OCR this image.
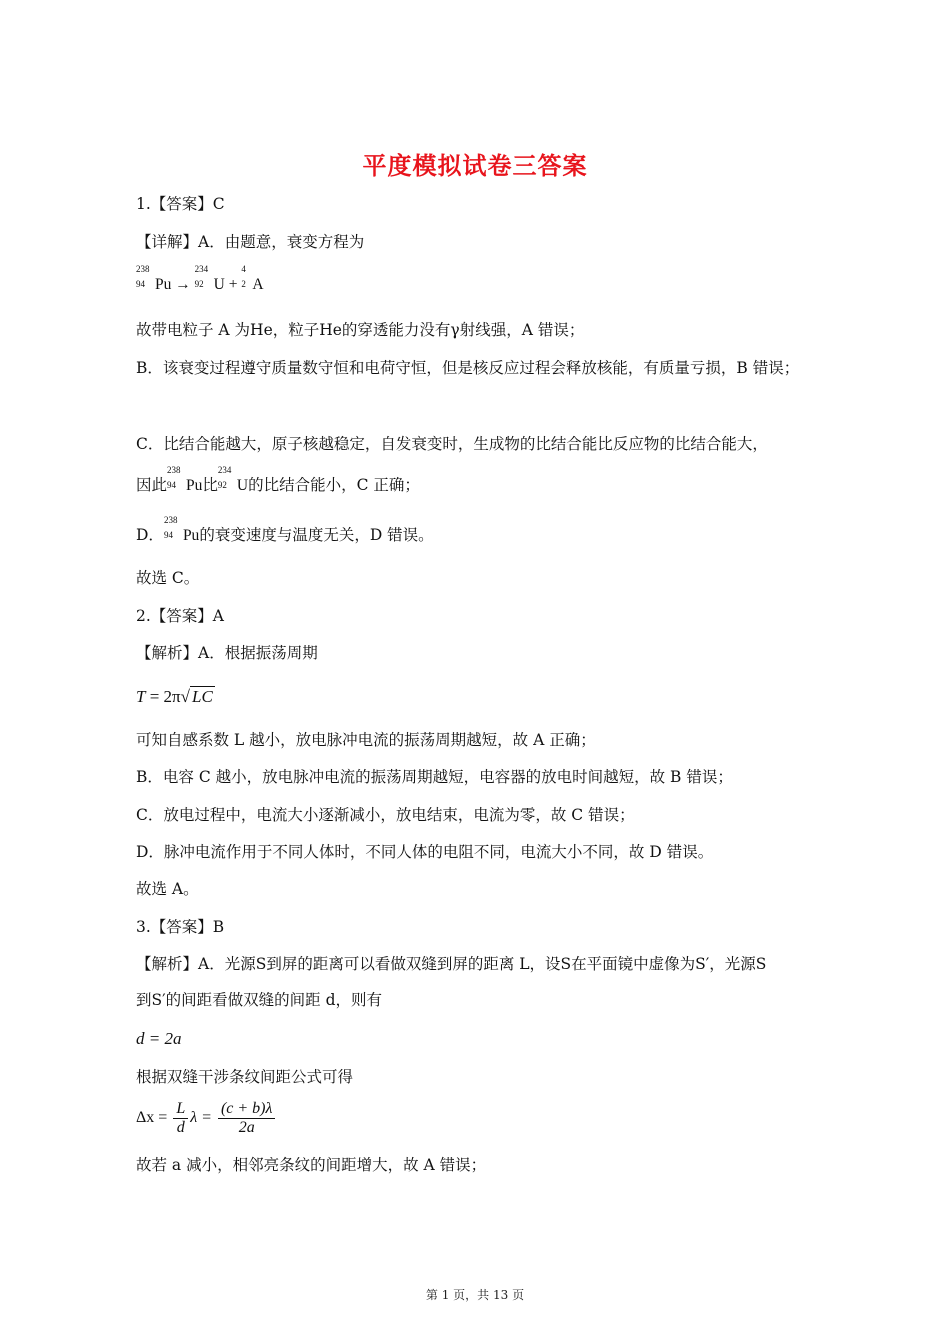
平度模拟试卷三答案
1.【答案】C
【详解】A．由题意，衰变方程为
238
94 Pu →
234
92 U +
4
2 A
故带电粒子 A 为He，粒子He的穿透能力没有γ射线强，A 错误；
B．该衰变过程遵守质量数守恒和电荷守恒，但是核反应过程会释放核能，有质量亏损，B 错误；
C．比结合能越大，原子核越稳定，自发衰变时，生成物的比结合能比反应物的比结合能大，
因此
238
94 Pu比
234
92 U的比结合能小，C 正确；
D．
238
94 Pu的衰变速度与温度无关，D 错误。
故选 C。
2.【答案】A
【解析】A．根据振荡周期
T = 2π√ LC
可知自感系数 L 越小，放电脉冲电流的振荡周期越短，故 A 正确；
B．电容 C 越小，放电脉冲电流的振荡周期越短，电容器的放电时间越短，故 B 错误；
C．放电过程中，电流大小逐渐减小，放电结束，电流为零，故 C 错误；
D．脉冲电流作用于不同人体时，不同人体的电阻不同，电流大小不同，故 D 错误。
故选 A。
3.【答案】B
【解析】A．光源S到屏的距离可以看做双缝到屏的距离 L，设S在平面镜中虚像为S′，光源S
到S′的间距看做双缝的间距 d，则有
d = 2a
根据双缝干涉条纹间距公式可得
$\Delta x = \frac{L}{d}$ $\lambda = \frac{(c + b)\lambda}{2a}$
故若 a 减小，相邻亮条纹的间距增大，故 A 错误；
第 1 页，共 13 页
